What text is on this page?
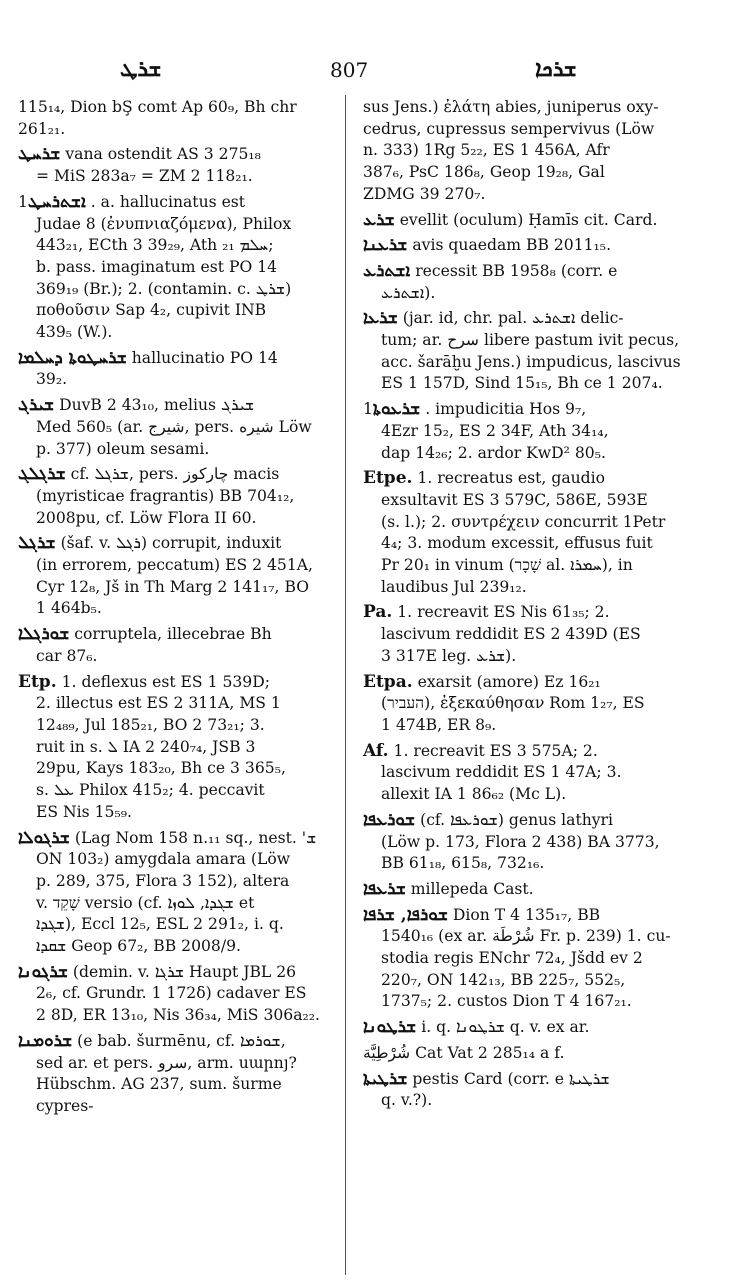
ܫܪܛ	807	ܫܪܟܐ
115₁₄, Dion bŞ comt Ap 60₉, Bh chr
261₂₁.
ܫܪܚܛ vana ostendit AS 3 275₁₈
= MiS 283a₇ = ZM 2 118₂₁.
ܐܫܬܪܚܛ1. a. hallucinatus est
Judae 8 (ἐνυπνιαζόμενα), Philox
443₂₁, ECth 3 39₂₉, Ath ܚܠܡ ₂₁;
b. pass. imaginatum est PO 14
369₁₉ (Br.); 2. (contamin. c. ܫܪܛ)
ποθοῦσιν Sap 4₂, cupivit INB
439₅ (W.).
ܫܪܚܛܘܬܐ ܕܚܠܡܐ hallucinatio PO 14
39₂.
ܫܝܪܓ DuvB 2 43₁₀, melius ܫܝܪܓ
Med 560₅ (ar. شيرج, pers. شيره Löw
p. 377) oleum sesami.
ܫܪܓܠܓ cf. ܫܪܓܠ, pers. چارکوز macis
(myristicae fragrantis) BB 704₁₂,
2008pu, cf. Löw Flora II 60.
ܫܪܓܠ (šaf. v. ܪܓܠ) corrupit, induxit
(in errorem, peccatum) ES 2 451A,
Cyr 12₈, Jš in Th Marg 2 141₁₇, BO
1 464b₅.
ܫܘܪܓܠܐ corruptela, illecebrae Bh
car 87₆.
Etp. 1. deflexus est ES 1 539D;
2. illectus est ES 2 311A, MS 1
12₄₈₉, Jul 185₂₁, BO 2 73₂₁; 3.
ruit in s. ܠ IA 2 240₇₄, JSB 3
29pu, Kays 183₂₀, Bh ce 3 365₅,
s. ܥܠ Philox 415₂; 4. peccavit
ES Nis 15₅₉.
ܫܪܓܘܠܐ (Lag Nom 158 n.₁₁ sq., nest. 'ܫ
ON 103₂) amygdala amara (Löw
p. 289, 375, Flora 3 152), altera
v. שָׁקֵד versio (cf. ܫܓܕܐ, ܠܘܙܐ et
ܫܓܕܐ), Eccl 12₅, ESL 2 291₂, i. q.
ܫܩܕܐ Geop 67₂, BB 2008/9.
ܫܪܓܘܢܐ (demin. v. ܫܪܓܐ Haupt JBL 26
2₆, cf. Grundr. 1 172δ) cadaver ES
2 8D, ER 13₁₀, Nis 36₃₄, MiS 306a₂₂.
ܫܪܘܡܢܐ (e bab. šurmēnu, cf. ܫܘܪܡܐ,
sed ar. et pers. سرو, arm. սարոյ?
Hübschm. AG 237, sum. šurme cypres-
sus Jens.) ἐλάτη abies, juniperus oxy-
cedrus, cupressus sempervivus (Löw
n. 333) 1Rg 5₂₂, ES 1 456A, Afr
387₆, PsC 186₈, Geop 19₂₈, Gal
ZDMG 39 270₇.
ܫܪܥ evellit (oculum) Ḥamīs cit. Card.
ܫܪܥܢܐ avis quaedam BB 2011₁₅.
ܐܫܬܪܥ recessit BB 1958₈ (corr. e
ܐܫܬܪܥ).
ܫܪܥܐ (jar. id, chr. pal. ܐܫܬܪܥ delic-
tum; ar. سرح libere pastum ivit pecus,
acc. šarāḫu Jens.) impudicus, lascivus
ES 1 157D, Sind 15₁₅, Bh ce 1 207₄.
ܫܪܥܘܬܐ1. impudicitia Hos 9₇,
4Ezr 15₂, ES 2 34F, Ath 34₁₄,
dap 14₂₆; 2. ardor KwD² 80₅.
Etpe. 1. recreatus est, gaudio
exsultavit ES 3 579C, 586E, 593E
(s. l.); 2. συντρέχειν concurrit 1Petr
4₄; 3. modum excessit, effusus fuit
Pr 20₁ in vinum (שָׁכָר al. ܚܡܪܐ), in
laudibus Jul 239₁₂.
Pa. 1. recreavit ES Nis 61₃₅; 2.
lascivum reddidit ES 2 439D (ES
3 317E leg. ܫܪܥ).
Etpa. exarsit (amore) Ez 16₂₁
(העביר), ἐξεκαύθησαν Rom 1₂₇, ES
1 474B, ER 8₉.
Af. 1. recreavit ES 3 575A; 2.
lascivum reddidit ES 1 47A; 3.
allexit IA 1 86₆₂ (Mc L).
ܫܘܪܥܦܐ (cf. ܫܘܪܥܦܐ) genus lathyri
(Löw p. 173, Flora 2 438) BA 3773,
BB 61₁₈, 615₈, 732₁₆.
ܫܪܥܦܐ millepeda Cast.
ܫܘܪܦܐ, ܫܪܦܐ Dion T 4 135₁₇, BB
1540₁₆ (ex ar. شُرْطَة Fr. p. 239) 1. cu-
stodia regis ENchr 72₄, Jšdd ev 2
220₇, ON 142₁₃, BB 225₇, 552₅,
1737₅; 2. custos Dion T 4 167₂₁.
ܫܪܛܘܢܐ i. q. ܫܪܛܘܢܐ q. v. ex ar.
شُرْطِيَّة Cat Vat 2 285₁₄ a f.
ܫܪܛܝܬܐ pestis Card (corr. e ܫܪܛܝܬܐ
q. v.?).
